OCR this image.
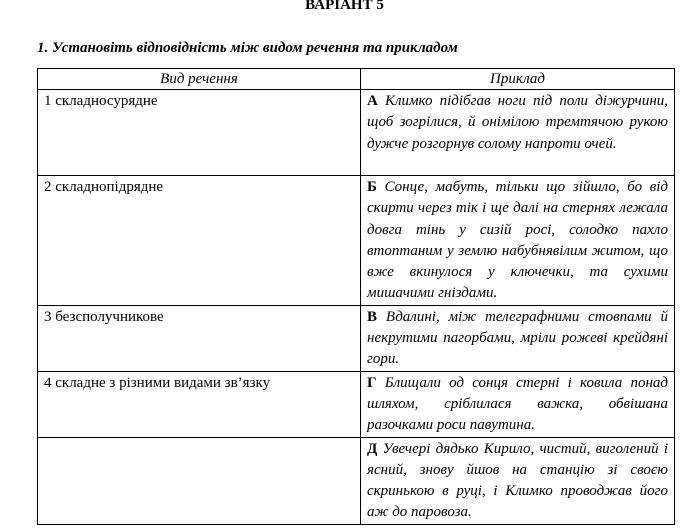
ВАРІАНТ 5
1. Установіть відповідність між видом речення та прикладом
Вид речення	Приклад
1 складносурядне	А Климко підібгав ноги під поли діжурчини, щоб зогрілися, й онімілою тремтячою рукою дужче розгорнув солому напроти очей.
2 складнопідрядне	Б Сонце, мабуть, тільки що зійшло, бо від скирти через тік і ще далі на стернях лежала довга тінь у сизій росі, солодко пахло втоптаним у землю набубнявілим житом, що вже вкинулося у ключечки, та сухими мишачими гніздами.
3 безсполучникове	В Вдалині, між телеграфними стовпами й некрутими пагорбами, мріли рожеві крейдяні гори.
4 складне з різними видами зв’язку	Г Блищали од сонця стерні і ковила понад шляхом, сріблилася важка, обвішана разочками роси павутина.
	Д Увечері дядько Кирило, чистий, виголений і ясний, знову йшов на станцію зі своєю скринькою в руці, і Климко проводжав його аж до паровоза.
